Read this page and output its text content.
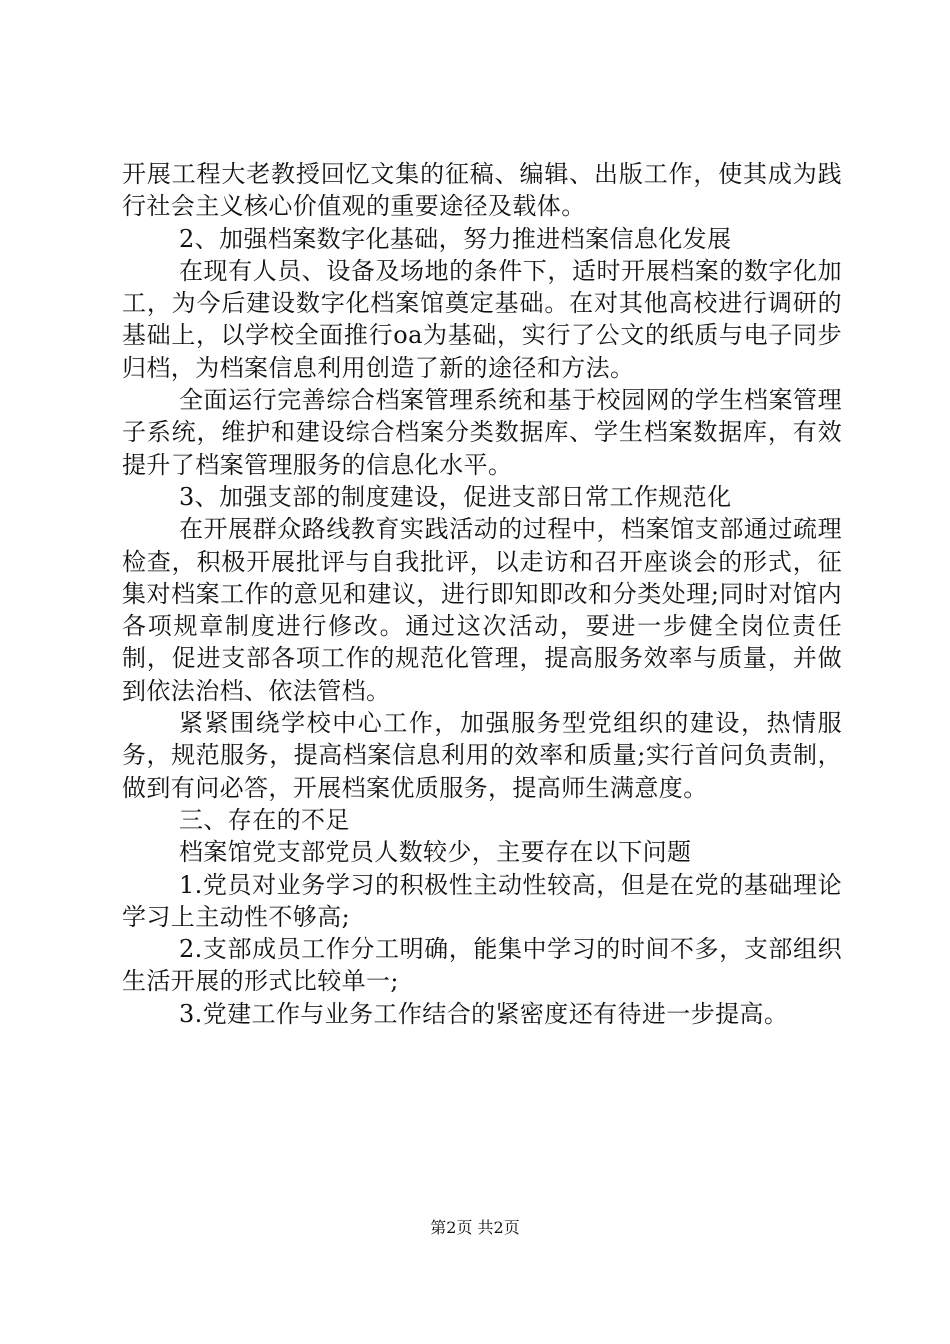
开展工程大老教授回忆文集的征稿、编辑、出版工作，使其成为践行社会主义核心价值观的重要途径及载体。

2、加强档案数字化基础，努力推进档案信息化发展

在现有人员、设备及场地的条件下，适时开展档案的数字化加工，为今后建设数字化档案馆奠定基础。在对其他高校进行调研的基础上，以学校全面推行oa为基础，实行了公文的纸质与电子同步归档，为档案信息利用创造了新的途径和方法。

全面运行完善综合档案管理系统和基于校园网的学生档案管理子系统，维护和建设综合档案分类数据库、学生档案数据库，有效提升了档案管理服务的信息化水平。

3、加强支部的制度建设，促进支部日常工作规范化

在开展群众路线教育实践活动的过程中，档案馆支部通过疏理检查，积极开展批评与自我批评，以走访和召开座谈会的形式，征集对档案工作的意见和建议，进行即知即改和分类处理;同时对馆内各项规章制度进行修改。通过这次活动，要进一步健全岗位责任制，促进支部各项工作的规范化管理，提高服务效率与质量，并做到依法治档、依法管档。

紧紧围绕学校中心工作，加强服务型党组织的建设，热情服务，规范服务，提高档案信息利用的效率和质量;实行首问负责制，做到有问必答，开展档案优质服务，提高师生满意度。

三、存在的不足

档案馆党支部党员人数较少，主要存在以下问题

1.党员对业务学习的积极性主动性较高，但是在党的基础理论学习上主动性不够高;

2.支部成员工作分工明确，能集中学习的时间不多，支部组织生活开展的形式比较单一;

3.党建工作与业务工作结合的紧密度还有待进一步提高。

第2页 共2页
